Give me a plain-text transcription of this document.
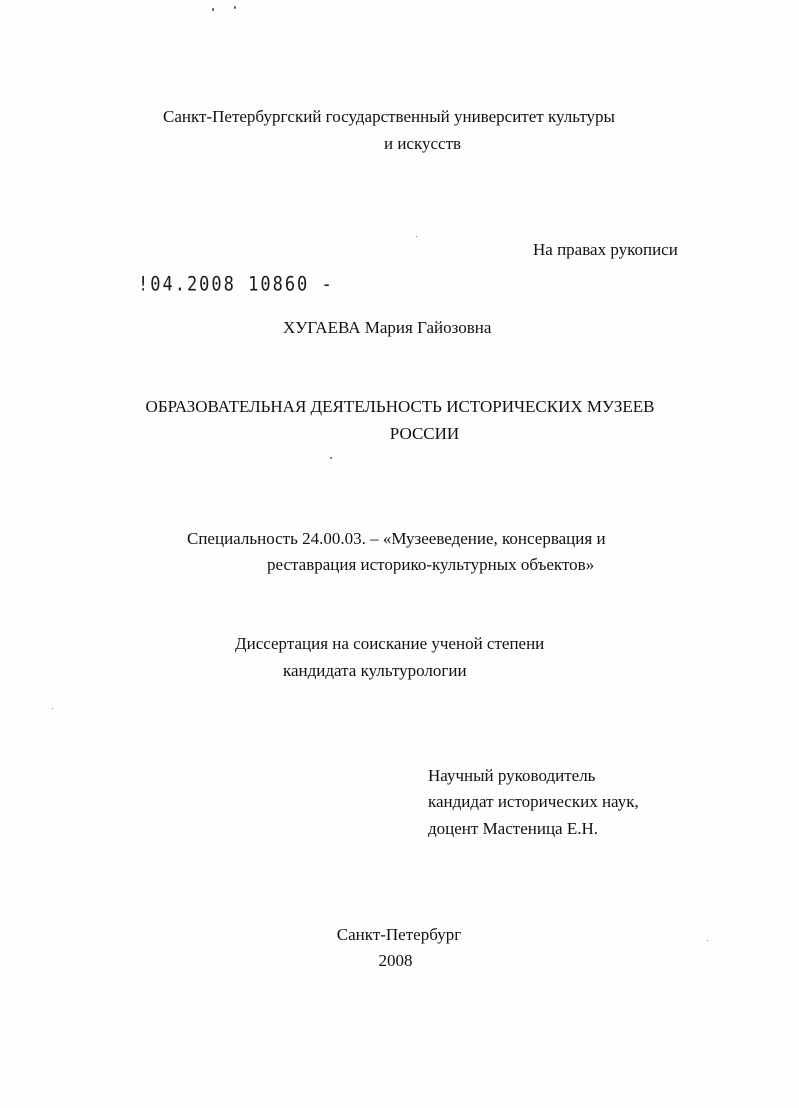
Санкт-Петербургский государственный университет культуры
и искусств
На правах рукописи
!04.2008 10860 -
ХУГАЕВА Мария Гайозовна
ОБРАЗОВАТЕЛЬНАЯ ДЕЯТЕЛЬНОСТЬ ИСТОРИЧЕСКИХ МУЗЕЕВ
РОССИИ
Специальность 24.00.03. – «Музееведение, консервация и
реставрация историко-культурных объектов»
Диссертация на соискание ученой степени
кандидата культурологии
Научный руководитель
кандидат исторических наук,
доцент Мастеница Е.Н.
Санкт-Петербург
2008
